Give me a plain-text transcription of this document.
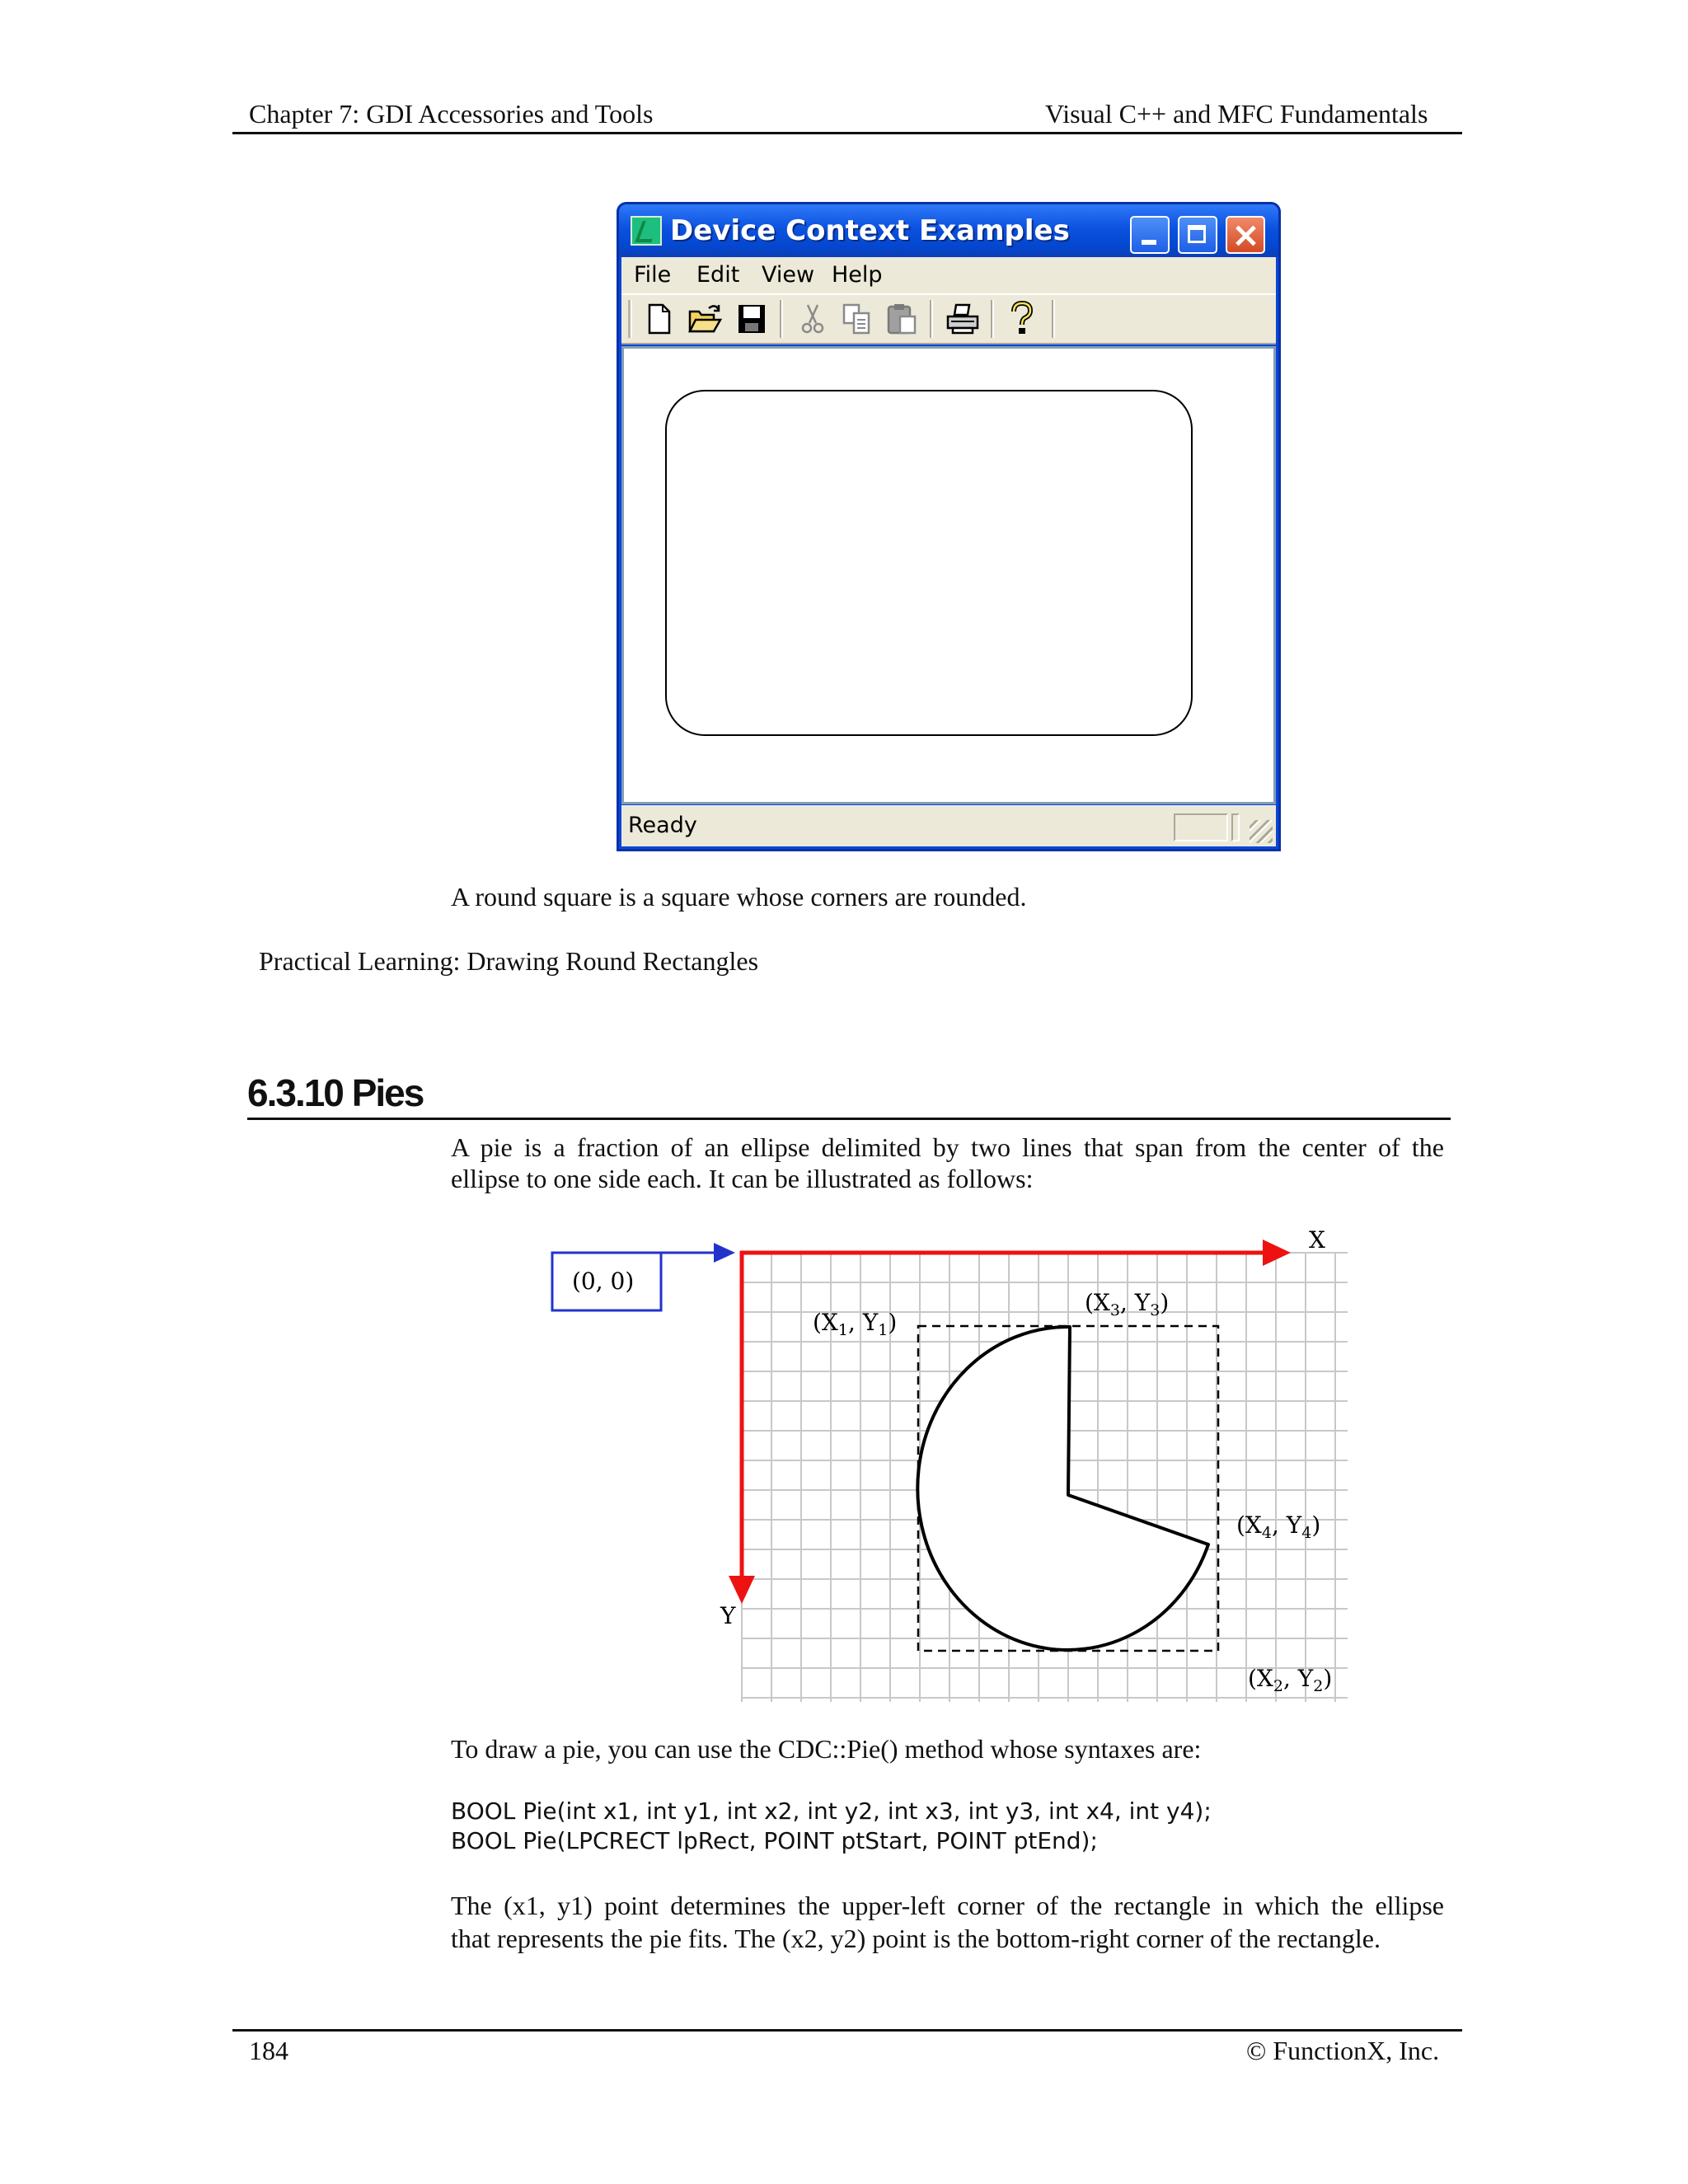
Chapter 7: GDI Accessories and Tools	Visual C++ and MFC Fundamentals
Device Context Examples
File Edit View Help
Ready
A round square is a square whose corners are rounded.
Practical Learning: Drawing Round Rectangles
6.3.10 Pies
A pie is a fraction of an ellipse delimited by two lines that span from the center of the
ellipse to one side each. It can be illustrated as follows:
(0, 0)
X
Y
($X_1$, $Y_1$)
($X_3$, $Y_3$)
($X_4$, $Y_4$)
($X_2$, $Y_2$)
To draw a pie, you can use the CDC::Pie() method whose syntaxes are:
BOOL Pie(int x1, int y1, int x2, int y2, int x3, int y3, int x4, int y4);
BOOL Pie(LPCRECT lpRect, POINT ptStart, POINT ptEnd);
The (x1, y1) point determines the upper-left corner of the rectangle in which the ellipse
that represents the pie fits. The (x2, y2) point is the bottom-right corner of the rectangle.
184	© FunctionX, Inc.
